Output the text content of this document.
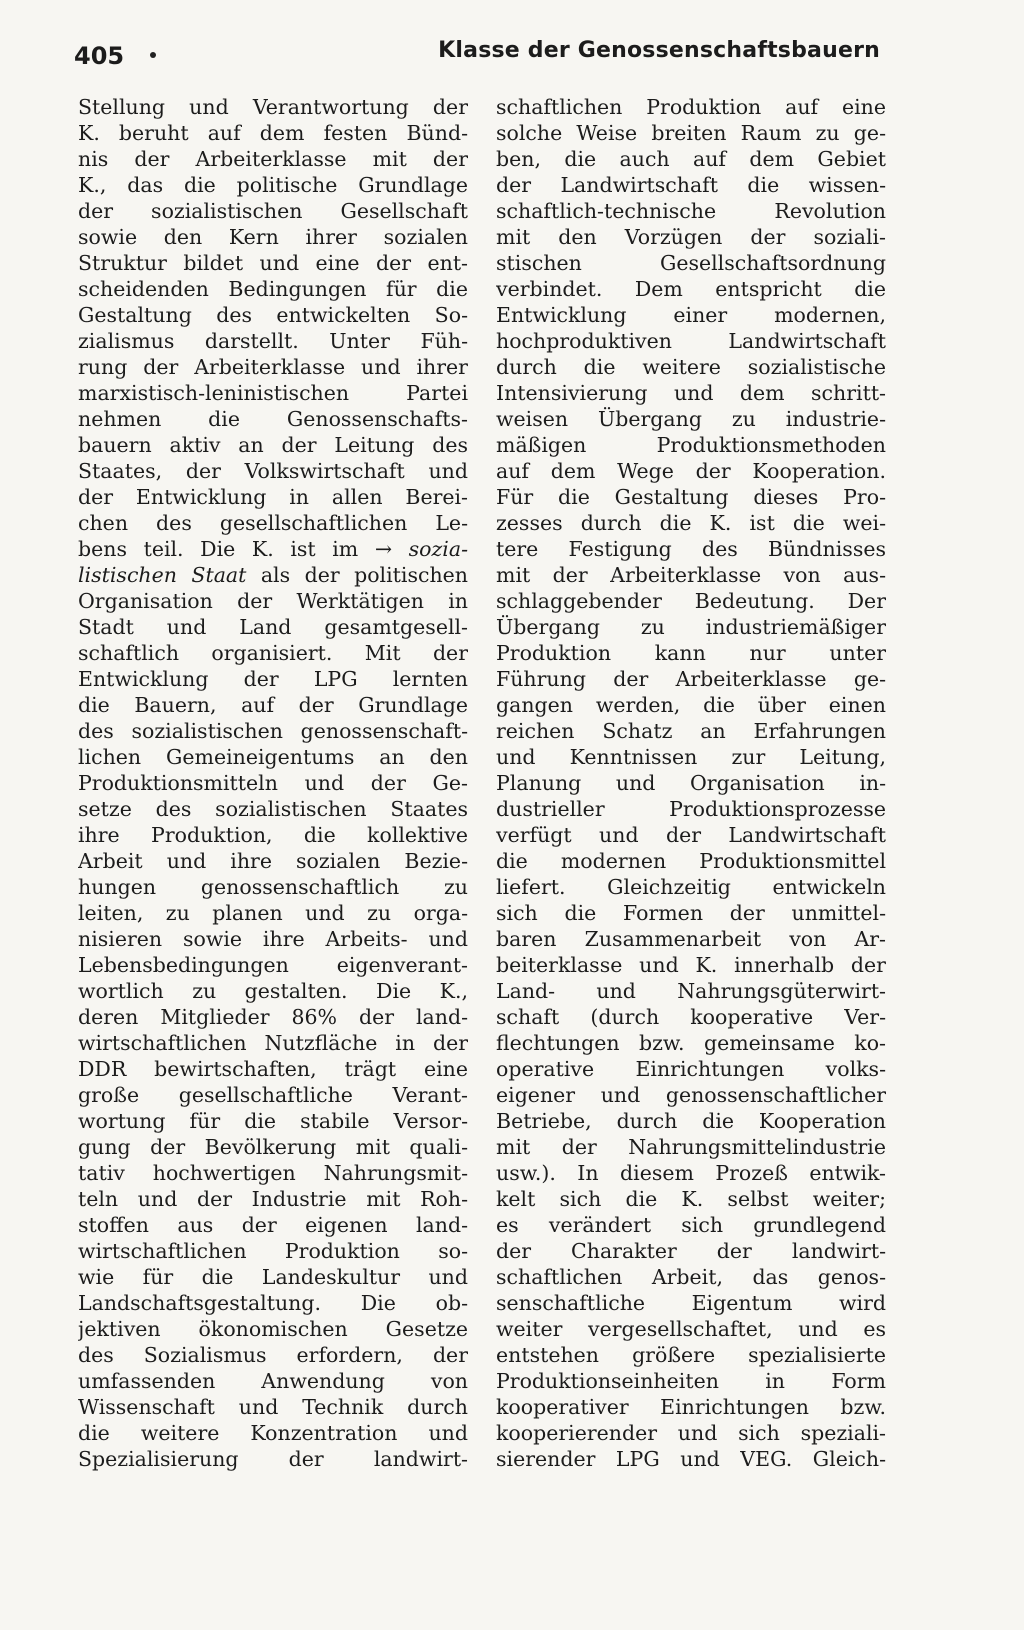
405	Klasse der Genossenschaftsbauern
Stellung und Verantwortung der
K. beruht auf dem festen Bünd-
nis der Arbeiterklasse mit der
K., das die politische Grundlage
der sozialistischen Gesellschaft
sowie den Kern ihrer sozialen
Struktur bildet und eine der ent-
scheidenden Bedingungen für die
Gestaltung des entwickelten So-
zialismus darstellt. Unter Füh-
rung der Arbeiterklasse und ihrer
marxistisch-leninistischen Partei
nehmen die Genossenschafts-
bauern aktiv an der Leitung des
Staates, der Volkswirtschaft und
der Entwicklung in allen Berei-
chen des gesellschaftlichen Le-
bens teil. Die K. ist im → sozia-
listischen Staat als der politischen
Organisation der Werktätigen in
Stadt und Land gesamtgesell-
schaftlich organisiert. Mit der
Entwicklung der LPG lernten
die Bauern, auf der Grundlage
des sozialistischen genossenschaft-
lichen Gemeineigentums an den
Produktionsmitteln und der Ge-
setze des sozialistischen Staates
ihre Produktion, die kollektive
Arbeit und ihre sozialen Bezie-
hungen genossenschaftlich zu
leiten, zu planen und zu orga-
nisieren sowie ihre Arbeits- und
Lebensbedingungen eigenverant-
wortlich zu gestalten. Die K.,
deren Mitglieder 86% der land-
wirtschaftlichen Nutzfläche in der
DDR bewirtschaften, trägt eine
große gesellschaftliche Verant-
wortung für die stabile Versor-
gung der Bevölkerung mit quali-
tativ hochwertigen Nahrungsmit-
teln und der Industrie mit Roh-
stoffen aus der eigenen land-
wirtschaftlichen Produktion so-
wie für die Landeskultur und
Landschaftsgestaltung. Die ob-
jektiven ökonomischen Gesetze
des Sozialismus erfordern, der
umfassenden Anwendung von
Wissenschaft und Technik durch
die weitere Konzentration und
Spezialisierung der landwirt-
schaftlichen Produktion auf eine
solche Weise breiten Raum zu ge-
ben, die auch auf dem Gebiet
der Landwirtschaft die wissen-
schaftlich-technische Revolution
mit den Vorzügen der soziali-
stischen Gesellschaftsordnung
verbindet. Dem entspricht die
Entwicklung einer modernen,
hochproduktiven Landwirtschaft
durch die weitere sozialistische
Intensivierung und dem schritt-
weisen Übergang zu industrie-
mäßigen Produktionsmethoden
auf dem Wege der Kooperation.
Für die Gestaltung dieses Pro-
zesses durch die K. ist die wei-
tere Festigung des Bündnisses
mit der Arbeiterklasse von aus-
schlaggebender Bedeutung. Der
Übergang zu industriemäßiger
Produktion kann nur unter
Führung der Arbeiterklasse ge-
gangen werden, die über einen
reichen Schatz an Erfahrungen
und Kenntnissen zur Leitung,
Planung und Organisation in-
dustrieller Produktionsprozesse
verfügt und der Landwirtschaft
die modernen Produktionsmittel
liefert. Gleichzeitig entwickeln
sich die Formen der unmittel-
baren Zusammenarbeit von Ar-
beiterklasse und K. innerhalb der
Land- und Nahrungsgüterwirt-
schaft (durch kooperative Ver-
flechtungen bzw. gemeinsame ko-
operative Einrichtungen volks-
eigener und genossenschaftlicher
Betriebe, durch die Kooperation
mit der Nahrungsmittelindustrie
usw.). In diesem Prozeß entwik-
kelt sich die K. selbst weiter;
es verändert sich grundlegend
der Charakter der landwirt-
schaftlichen Arbeit, das genos-
senschaftliche Eigentum wird
weiter vergesellschaftet, und es
entstehen größere spezialisierte
Produktionseinheiten in Form
kooperativer Einrichtungen bzw.
kooperierender und sich speziali-
sierender LPG und VEG. Gleich-
